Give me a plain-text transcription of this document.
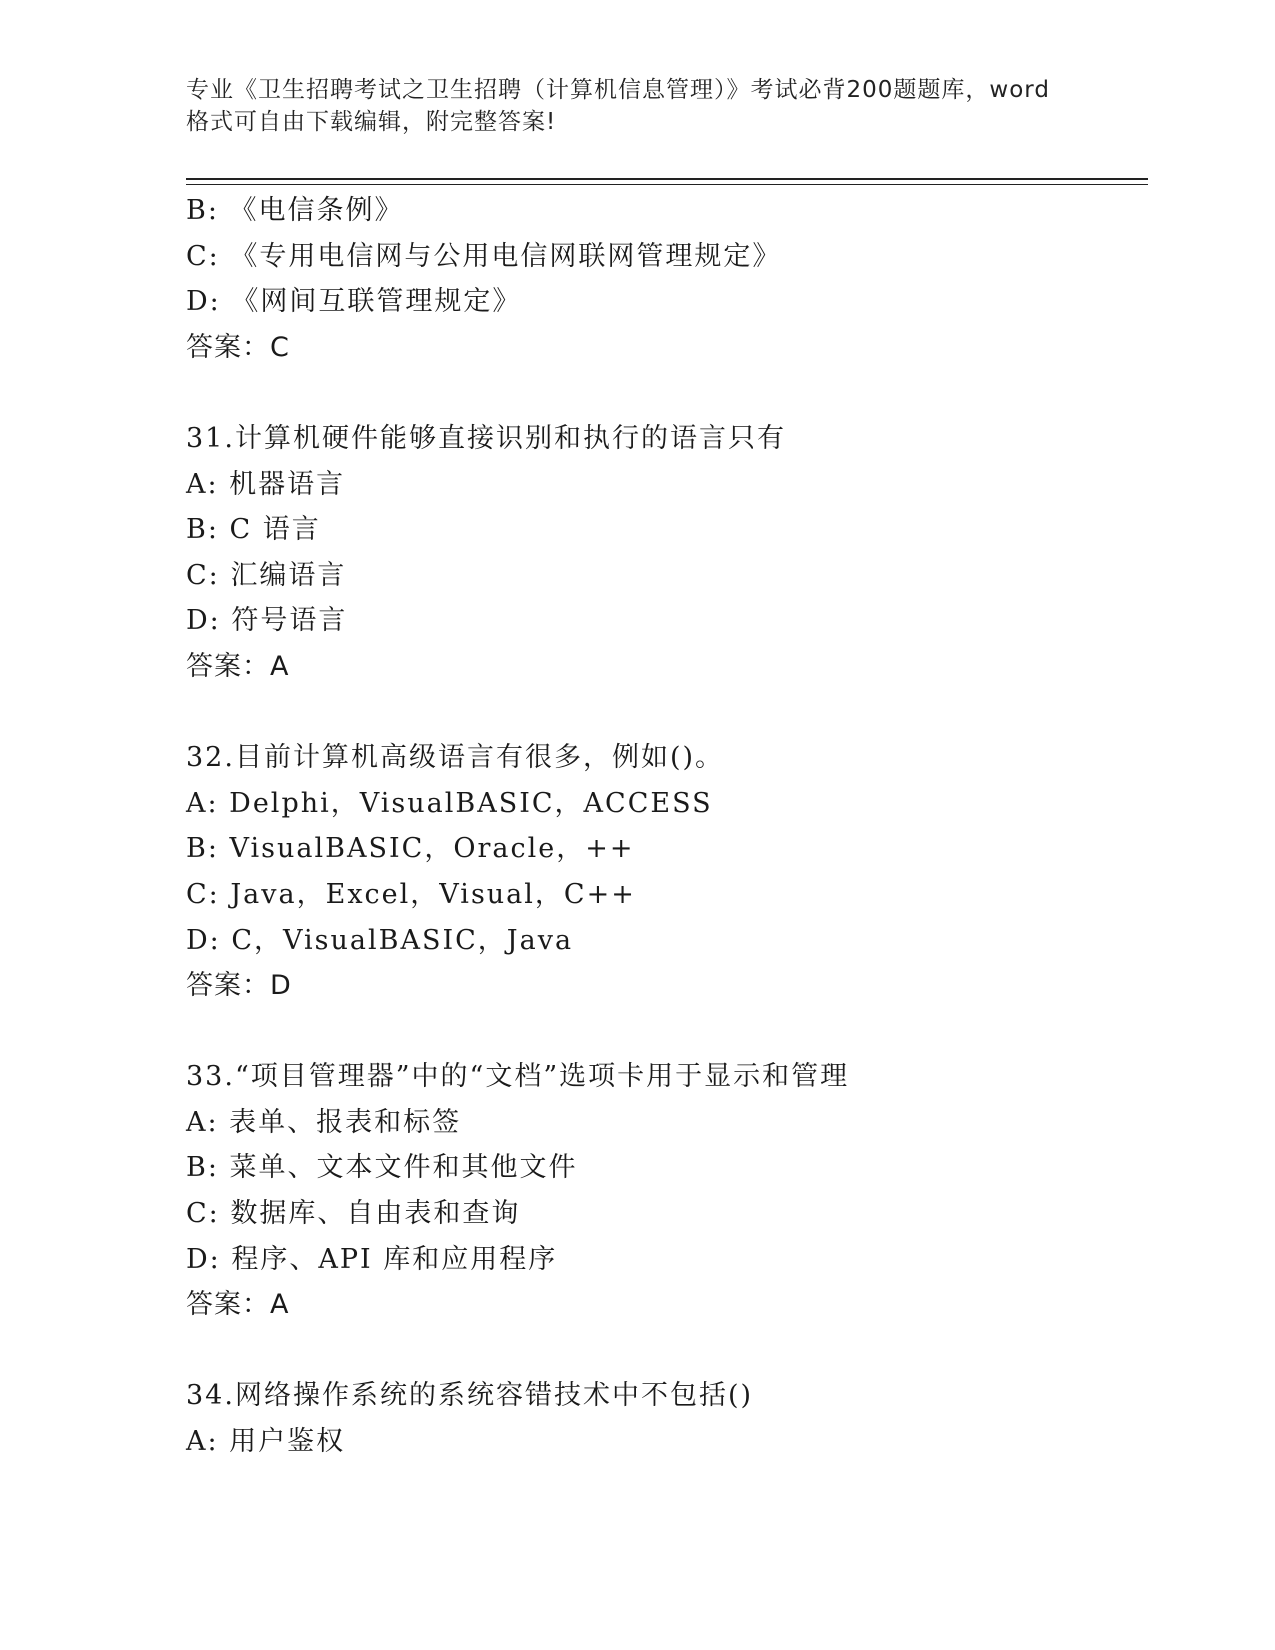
专业《卫生招聘考试之卫生招聘（计算机信息管理）》考试必背200题题库，word
格式可自由下载编辑，附完整答案!
B: 《电信条例》
C: 《专用电信网与公用电信网联网管理规定》
D: 《网间互联管理规定》
答案：C
31.计算机硬件能够直接识别和执行的语言只有
A: 机器语言
B: C 语言
C: 汇编语言
D: 符号语言
答案：A
32.目前计算机高级语言有很多，例如()。
A: Delphi，VisualBASIC，ACCESS
B: VisualBASIC，Oracle，++
C: Java，Excel，Visual，C++
D: C，VisualBASIC，Java
答案：D
33.“项目管理器”中的“文档”选项卡用于显示和管理
A: 表单、报表和标签
B: 菜单、文本文件和其他文件
C: 数据库、自由表和查询
D: 程序、API 库和应用程序
答案：A
34.网络操作系统的系统容错技术中不包括()
A: 用户鉴权
